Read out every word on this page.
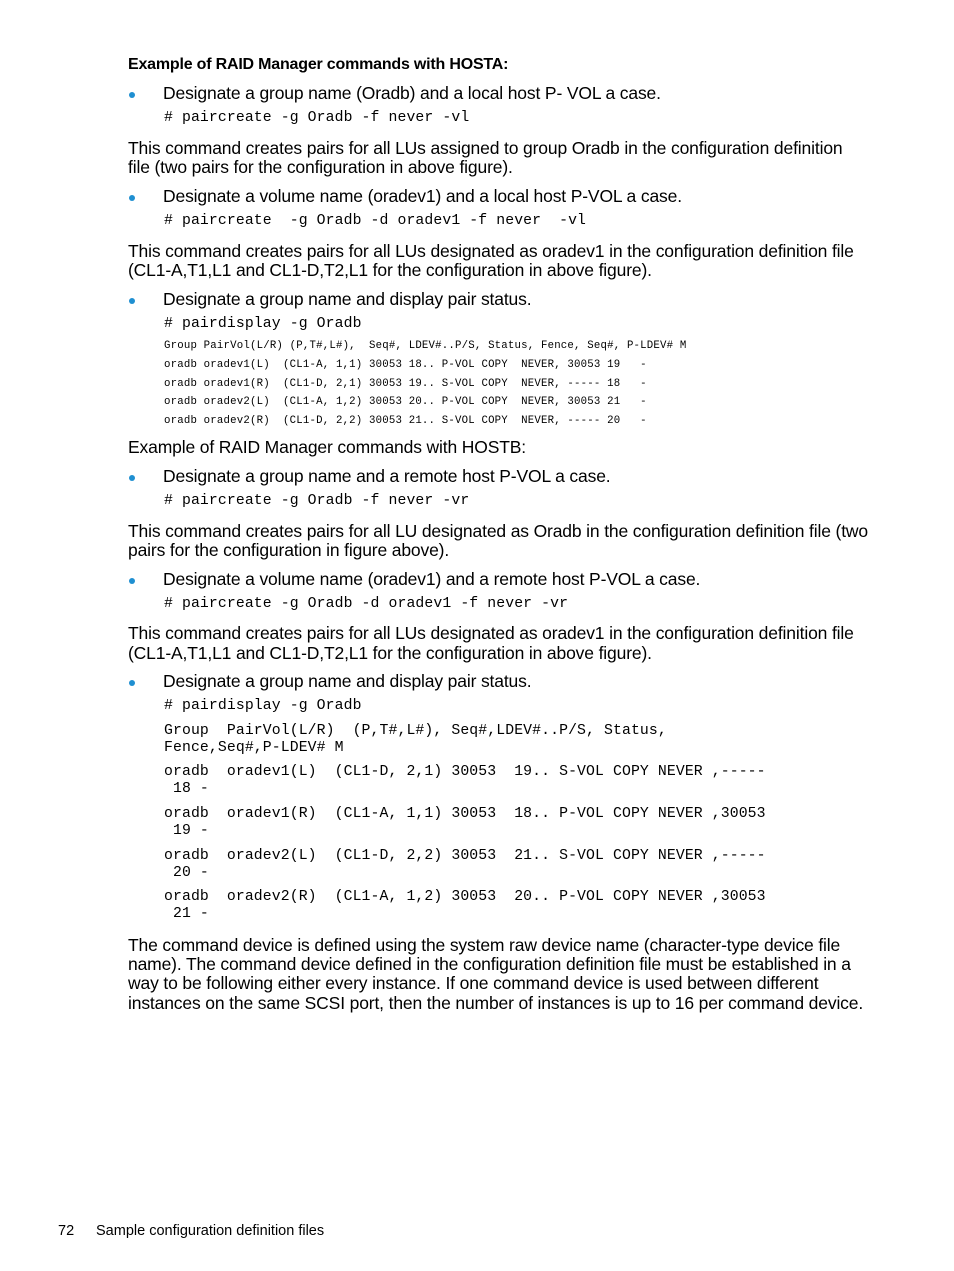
Example of RAID Manager commands with HOSTA:
Designate a group name (Oradb) and a local host P- VOL a case.
# paircreate -g Oradb -f never -vl
This command creates pairs for all LUs assigned to group Oradb in the configuration definition
file (two pairs for the configuration in above figure).
Designate a volume name (oradev1) and a local host P-VOL a case.
# paircreate  -g Oradb -d oradev1 -f never  -vl
This command creates pairs for all LUs designated as oradev1 in the configuration definition file
(CL1-A,T1,L1 and CL1-D,T2,L1 for the configuration in above figure).
Designate a group name and display pair status.
# pairdisplay -g Oradb
Group PairVol(L/R) (P,T#,L#),  Seq#, LDEV#..P/S, Status, Fence, Seq#, P-LDEV# M
oradb oradev1(L)  (CL1-A, 1,1) 30053 18.. P-VOL COPY  NEVER, 30053 19   -
oradb oradev1(R)  (CL1-D, 2,1) 30053 19.. S-VOL COPY  NEVER, ----- 18   -
oradb oradev2(L)  (CL1-A, 1,2) 30053 20.. P-VOL COPY  NEVER, 30053 21   -
oradb oradev2(R)  (CL1-D, 2,2) 30053 21.. S-VOL COPY  NEVER, ----- 20   -
Example of RAID Manager commands with HOSTB:
Designate a group name and a remote host P-VOL a case.
# paircreate -g Oradb -f never -vr
This command creates pairs for all LU designated as Oradb in the configuration definition file (two
pairs for the configuration in figure above).
Designate a volume name (oradev1) and a remote host P-VOL a case.
# paircreate -g Oradb -d oradev1 -f never -vr
This command creates pairs for all LUs designated as oradev1 in the configuration definition file
(CL1-A,T1,L1 and CL1-D,T2,L1 for the configuration in above figure).
Designate a group name and display pair status.
# pairdisplay -g Oradb
Group  PairVol(L/R)  (P,T#,L#), Seq#,LDEV#..P/S, Status,
Fence,Seq#,P-LDEV# M
oradb  oradev1(L)  (CL1-D, 2,1) 30053  19.. S-VOL COPY NEVER ,-----
18 -
oradb  oradev1(R)  (CL1-A, 1,1) 30053  18.. P-VOL COPY NEVER ,30053
19 -
oradb  oradev2(L)  (CL1-D, 2,2) 30053  21.. S-VOL COPY NEVER ,-----
20 -
oradb  oradev2(R)  (CL1-A, 1,2) 30053  20.. P-VOL COPY NEVER ,30053
21 -
The command device is defined using the system raw device name (character-type device file
name). The command device defined in the configuration definition file must be established in a
way to be following either every instance. If one command device is used between different
instances on the same SCSI port, then the number of instances is up to 16 per command device.
72 Sample configuration definition files
